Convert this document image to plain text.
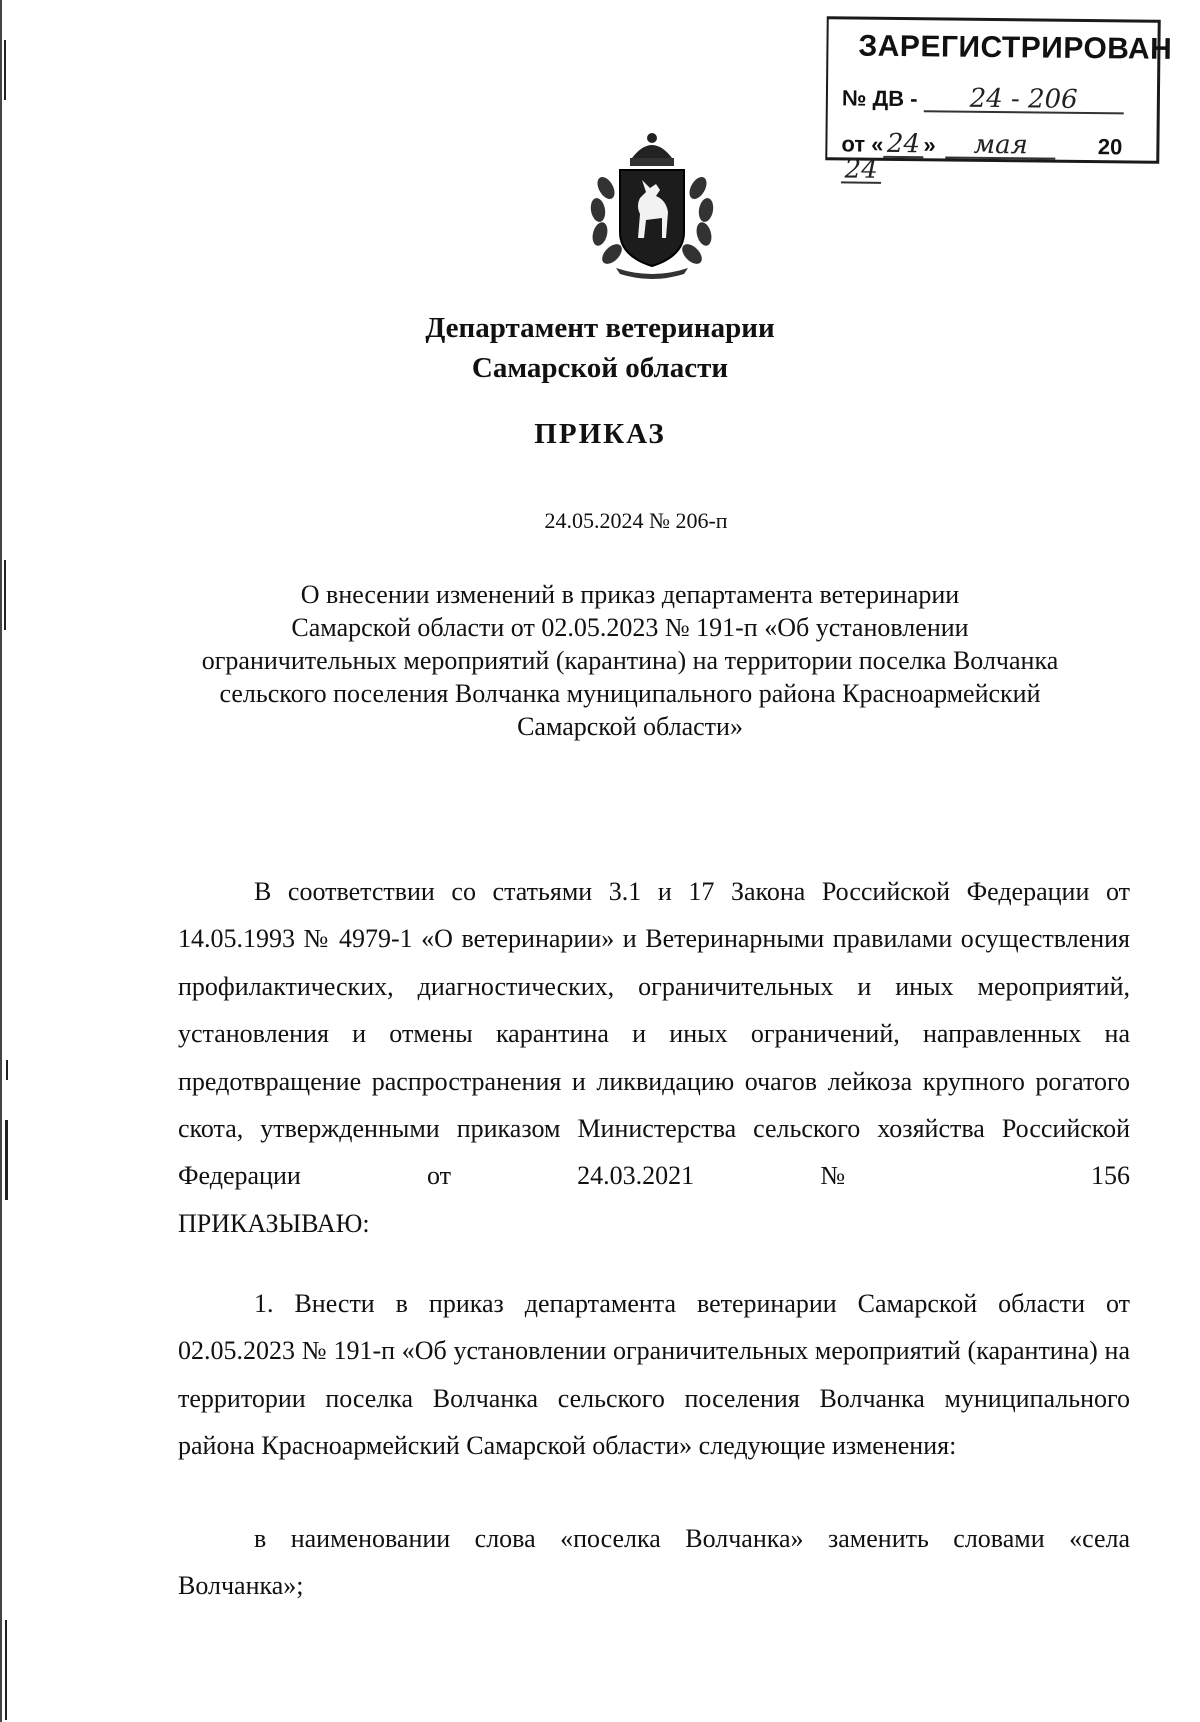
ЗАРЕГИСТРИРОВАН
№ ДВ - 24 - 206
от « 24 » мая	2024
Департамент ветеринарии
Самарской области
ПРИКАЗ
24.05.2024 № 206-п
О внесении изменений в приказ департамента ветеринарии
Самарской области от 02.05.2023 № 191-п «Об установлении
ограничительных мероприятий (карантина) на территории поселка Волчанка
сельского поселения Волчанка муниципального района Красноармейский
Самарской области»

В соответствии со статьями 3.1 и 17 Закона Российской Федерации от 14.05.1993 № 4979-1 «О ветеринарии» и Ветеринарными правилами осуществления профилактических, диагностических, ограничительных и иных мероприятий, установления и отмены карантина и иных ограничений, направленных на предотвращение распространения и ликвидацию очагов лейкоза крупного рогатого скота, утвержденными приказом Министерства сельского хозяйства Российской Федерации от 24.03.2021 № 156

ПРИКАЗЫВАЮ:

1. Внести в приказ департамента ветеринарии Самарской области от 02.05.2023 № 191-п «Об установлении ограничительных мероприятий (карантина) на территории поселка Волчанка сельского поселения Волчанка муниципального района Красноармейский Самарской области» следующие изменения:

в наименовании слова «поселка Волчанка» заменить словами «села Волчанка»;
